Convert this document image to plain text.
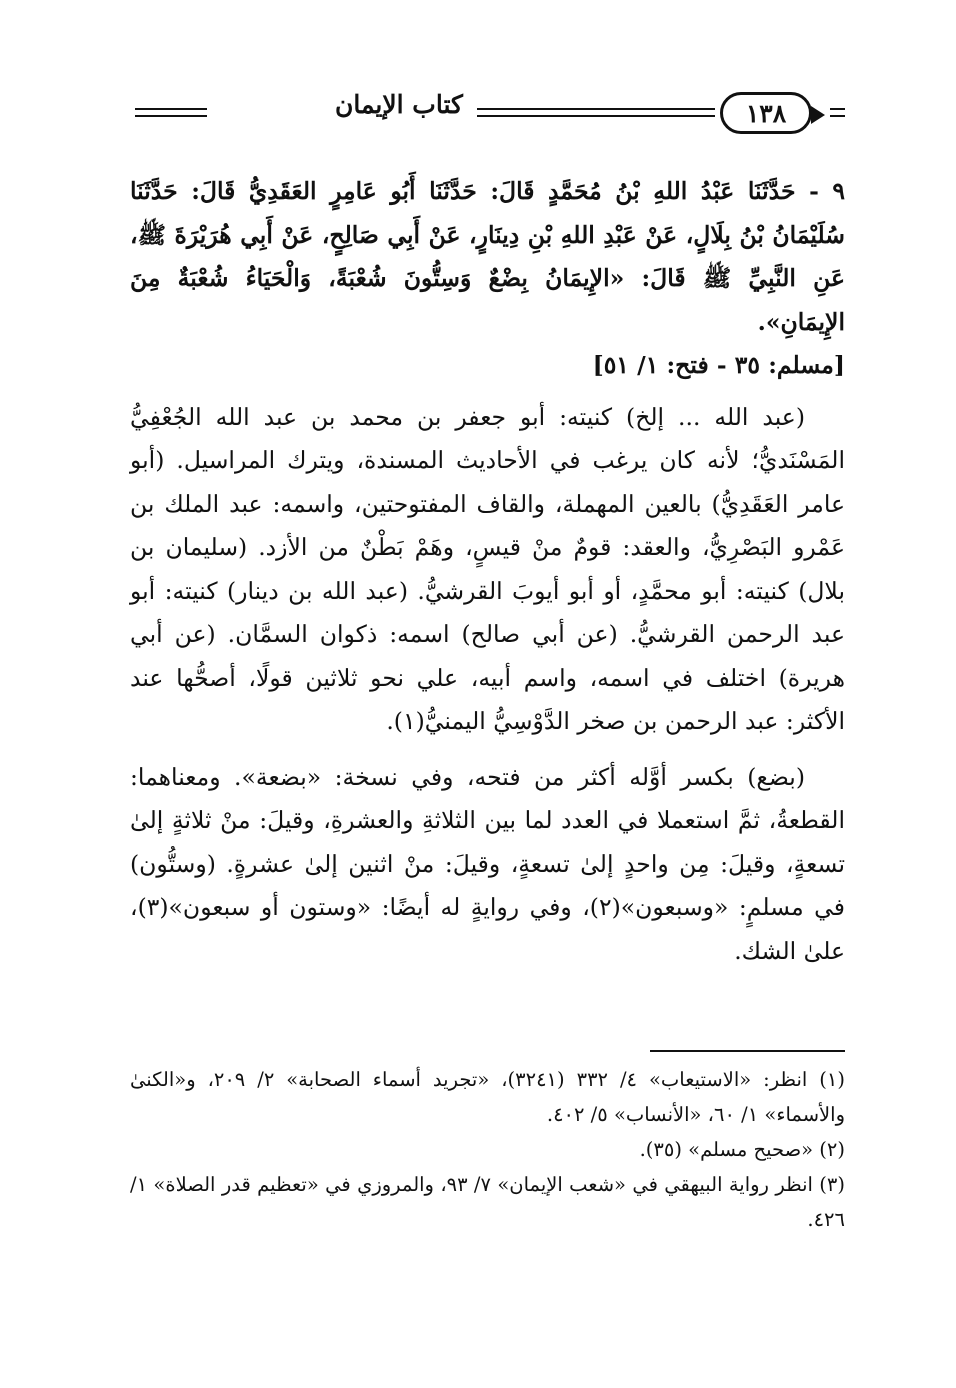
كتاب الإيمان	١٣٨

٩ - حَدَّثَنَا عَبْدُ اللهِ بْنُ مُحَمَّدٍ قَالَ: حَدَّثَنَا أَبُو عَامِرٍ العَقَدِيُّ قَالَ: حَدَّثَنَا سُلَيْمَانُ بْنُ بِلَالٍ، عَنْ عَبْدِ اللهِ بْنِ دِينَارٍ، عَنْ أَبِي صَالِحٍ، عَنْ أَبِي هُرَيْرَةَ ﷺ، عَنِ النَّبِيِّ ﷺ قَالَ: «الإِيمَانُ بِضْعٌ وَسِتُّونَ شُعْبَةً، وَالْحَيَاءُ شُعْبَةٌ مِنَ الإِيمَانِ».

[مسلم: ٣٥ - فتح: ١/ ٥١]

(عبد الله ... إلخ) كنيته: أبو جعفر بن محمد بن عبد الله الجُعْفِيُّ المَسْنَديُّ؛ لأنه كان يرغب في الأحاديث المسندة، ويترك المراسيل. (أبو عامر العَقَدِيُّ) بالعين المهملة، والقاف المفتوحتين، واسمه: عبد الملك بن عَمْرو البَصْرِيُّ، والعقد: قومٌ منْ قيسٍ، وهَمْ بَطْنٌ من الأزد. (سليمان بن بلال) كنيته: أبو محمَّدٍ، أو أبو أيوبَ القرشيُّ. (عبد الله بن دينار) كنيته: أبو عبد الرحمن القرشيُّ. (عن أبي صالح) اسمه: ذكوان السمَّان. (عن أبي هريرة) اختلف في اسمه، واسم أبيه، علي نحو ثلاثين قولًا، أصحُّها عند الأكثر: عبد الرحمن بن صخر الدَّوْسِيُّ اليمنيُّ(١).

(بضع) بكسر أوَّله أكثر من فتحه، وفي نسخة: «بضعة». ومعناهما: القطعةُ، ثمَّ استعملا في العدد لما بين الثلاثةِ والعشرةِ، وقيلَ: منْ ثلاثةٍ إلىٰ تسعةٍ، وقيلَ: مِن واحدٍ إلىٰ تسعةٍ، وقيلَ: منْ اثنين إلىٰ عشرةٍ. (وستُّون) في مسلمٍ: «وسبعون»(٢)، وفي روايةٍ له أيضًا: «وستون أو سبعون»(٣)، علىٰ الشك.

(١) انظر: «الاستيعاب» ٤/ ٣٣٢ (٣٢٤١)، «تجريد أسماء الصحابة» ٢/ ٢٠٩، و«الكنىٰ والأسماء» ١/ ٦٠، «الأنساب» ٥/ ٤٠٢.

(٢) «صحيح مسلم» (٣٥).

(٣) انظر رواية البيهقي في «شعب الإيمان» ٧/ ٩٣، والمروزي في «تعظيم قدر الصلاة» ١/ ٤٢٦.
